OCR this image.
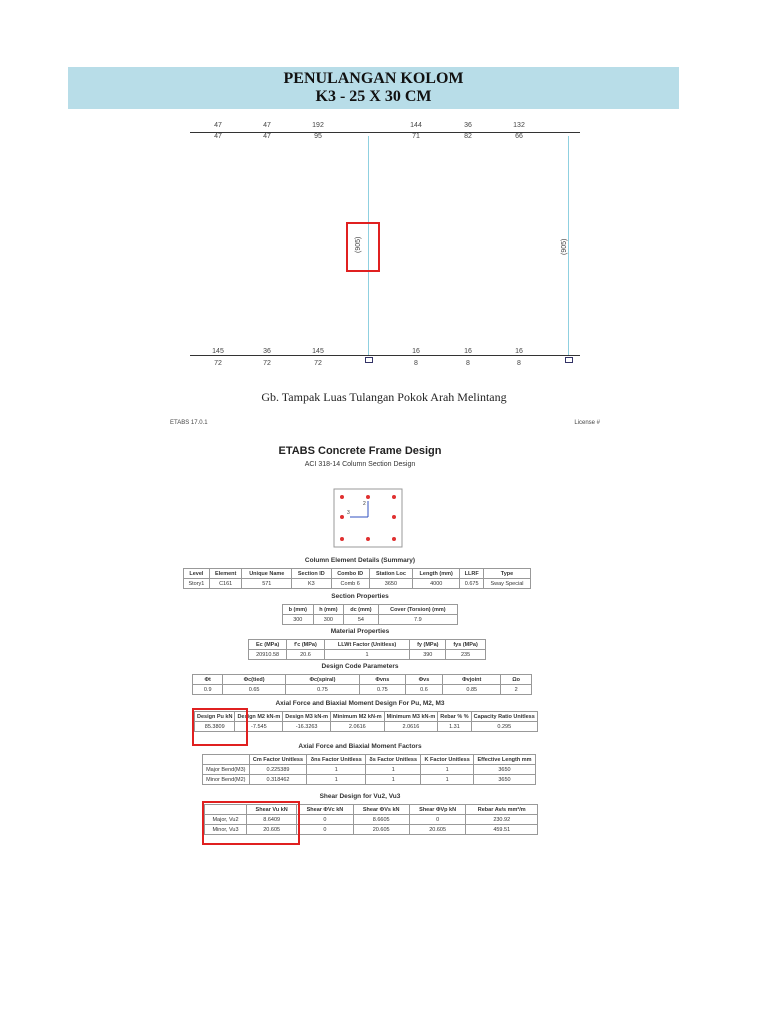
PENULANGAN KOLOM
K3 - 25 X 30 CM
47	47	192	144	36	132
47	47	95	71	82	66
(905)	(905)
145	36	145	16	16	16
72	72	72	8	8	8
Gb. Tampak Luas Tulangan Pokok Arah Melintang
ETABS 17.0.1	License #
ETABS Concrete Frame Design
ACI 318-14 Column Section Design
2
3
Column Element Details (Summary)
Level	Element	Unique Name	Section ID	Combo ID	Station Loc	Length (mm)	LLRF	Type
Story1	C161	571	K3	Comb 6	3650	4000	0.675	Sway Special
Section Properties
b (mm)	h (mm)	dc (mm)	Cover (Torsion) (mm)
300	300	54	7.9
Material Properties
Ec (MPa)	f'c (MPa)	LLWt Factor (Unitless)	fy (MPa)	fys (MPa)
20910.58	20.6	1	390	235
Design Code Parameters
Φt	Φc(tied)	Φc(spiral)	Φvns	Φvs	Φvjoint	Ωo
0.9	0.65	0.75	0.75	0.6	0.85	2
Axial Force and Biaxial Moment Design For Pu, M2, M3
Design Pu kN	Design M2 kN-m	Design M3 kN-m	Minimum M2 kN-m	Minimum M3 kN-m	Rebar % %	Capacity Ratio Unitless
85.3809	-7.545	-16.3263	2.0616	2.0616	1.31	0.295
Axial Force and Biaxial Moment Factors
	Cm Factor Unitless	δns Factor Unitless	δs Factor Unitless	K Factor Unitless	Effective Length mm
Major Bend(M3)	0.225389	1	1	1	3650
Minor Bend(M2)	0.318462	1	1	1	3650
Shear Design for Vu2, Vu3
	Shear Vu kN	Shear ΦVc kN	Shear ΦVs kN	Shear ΦVp kN	Rebar Av/s mm²/m
Major, Vu2	8.6409	0	8.6605	0	230.92
Minor, Vu3	20.605	0	20.605	20.605	459.51
